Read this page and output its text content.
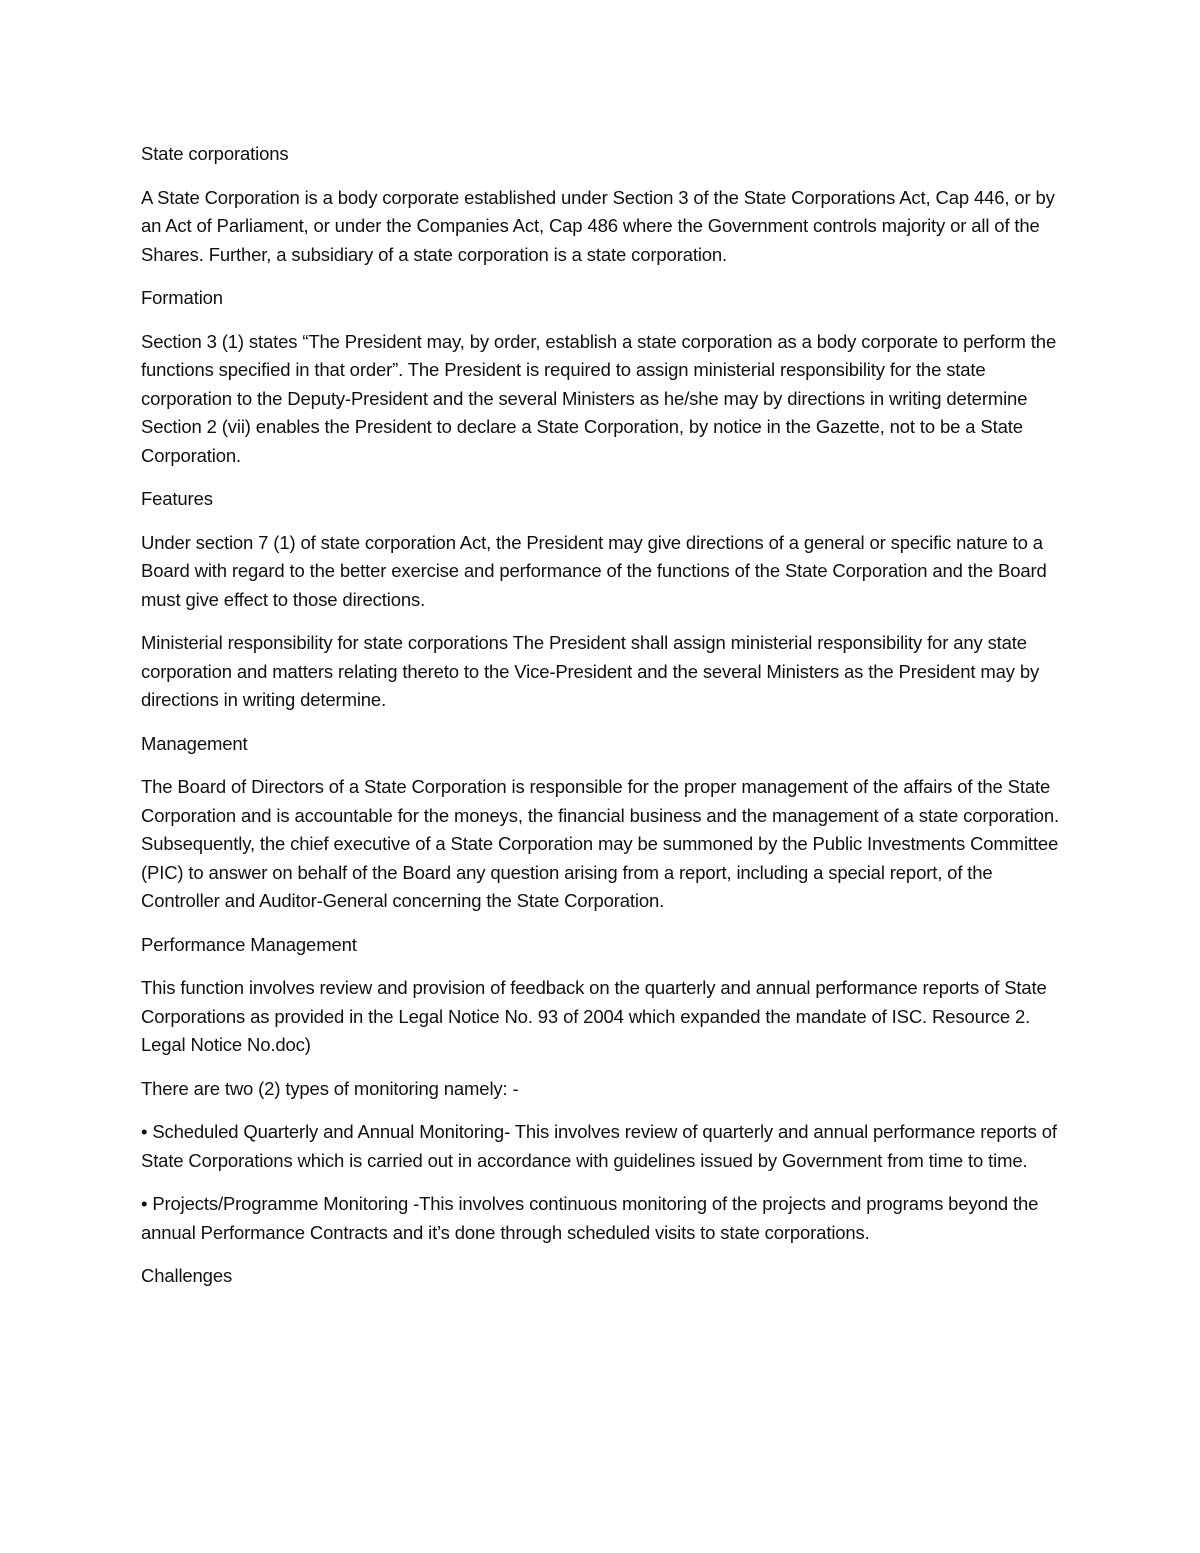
State corporations

A State Corporation is a body corporate established under Section 3 of the State Corporations Act, Cap 446, or by an Act of Parliament, or under the Companies Act, Cap 486 where the Government controls majority or all of the Shares. Further, a subsidiary of a state corporation is a state corporation.

Formation

Section 3 (1) states “The President may, by order, establish a state corporation as a body corporate to perform the functions specified in that order”. The President is required to assign ministerial responsibility for the state corporation to the Deputy-President and the several Ministers as he/she may by directions in writing determine Section 2 (vii) enables the President to declare a State Corporation, by notice in the Gazette, not to be a State Corporation.

Features

Under section 7 (1) of state corporation Act, the President may give directions of a general or specific nature to a Board with regard to the better exercise and performance of the functions of the State Corporation and the Board must give effect to those directions.

Ministerial responsibility for state corporations The President shall assign ministerial responsibility for any state corporation and matters relating thereto to the Vice-President and the several Ministers as the President may by directions in writing determine.

Management

The Board of Directors of a State Corporation is responsible for the proper management of the affairs of the State Corporation and is accountable for the moneys, the financial business and the management of a state corporation. Subsequently, the chief executive of a State Corporation may be summoned by the Public Investments Committee (PIC) to answer on behalf of the Board any question arising from a report, including a special report, of the Controller and Auditor-General concerning the State Corporation.

Performance Management

This function involves review and provision of feedback on the quarterly and annual performance reports of State Corporations as provided in the Legal Notice No. 93 of 2004 which expanded the mandate of ISC. Resource 2. Legal Notice No.doc)

There are two (2) types of monitoring namely: -

• Scheduled Quarterly and Annual Monitoring- This involves review of quarterly and annual performance reports of State Corporations which is carried out in accordance with guidelines issued by Government from time to time.

• Projects/Programme Monitoring -This involves continuous monitoring of the projects and programs beyond the annual Performance Contracts and it’s done through scheduled visits to state corporations.

Challenges
